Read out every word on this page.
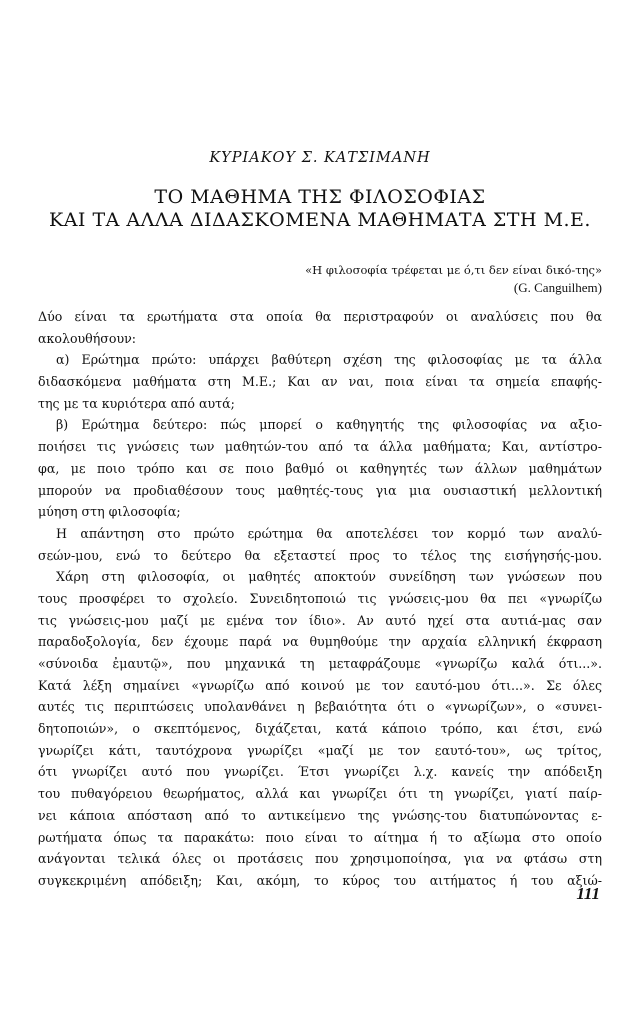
ΚΥΡΙΑΚΟΥ Σ. ΚΑΤΣΙΜΑΝΗ
ΤΟ ΜΑΘΗΜΑ ΤΗΣ ΦΙΛΟΣΟΦΙΑΣ
ΚΑΙ ΤΑ ΑΛΛΑ ΔΙΔΑΣΚΟΜΕΝΑ ΜΑΘΗΜΑΤΑ ΣΤΗ Μ.Ε.
«Η φιλοσοφία τρέφεται με ό,τι δεν είναι δικό-της»
(G. Canguilhem)
Δύο είναι τα ερωτήματα στα οποία θα περιστραφούν οι αναλύσεις που θα
ακολουθήσουν:
α) Ερώτημα πρώτο: υπάρχει βαθύτερη σχέση της φιλοσοφίας με τα άλλα
διδασκόμενα μαθήματα στη Μ.Ε.; Και αν ναι, ποια είναι τα σημεία επαφής-
της με τα κυριότερα από αυτά;
β) Ερώτημα δεύτερο: πώς μπορεί ο καθηγητής της φιλοσοφίας να αξιο-
ποιήσει τις γνώσεις των μαθητών-του από τα άλλα μαθήματα; Και, αντίστρο-
φα, με ποιο τρόπο και σε ποιο βαθμό οι καθηγητές των άλλων μαθημάτων
μπορούν να προδιαθέσουν τους μαθητές-τους για μια ουσιαστική μελλοντική
μύηση στη φιλοσοφία;
Η απάντηση στο πρώτο ερώτημα θα αποτελέσει τον κορμό των αναλύ-
σεών-μου, ενώ το δεύτερο θα εξεταστεί προς το τέλος της εισήγησής-μου.
Χάρη στη φιλοσοφία, οι μαθητές αποκτούν συνείδηση των γνώσεων που
τους προσφέρει το σχολείο. Συνειδητοποιώ τις γνώσεις-μου θα πει «γνωρίζω
τις γνώσεις-μου μαζί με εμένα τον ίδιο». Αν αυτό ηχεί στα αυτιά-μας σαν
παραδοξολογία, δεν έχουμε παρά να θυμηθούμε την αρχαία ελληνική έκφραση
«σύνοιδα ἐμαυτῷ», που μηχανικά τη μεταφράζουμε «γνωρίζω καλά ότι...».
Κατά λέξη σημαίνει «γνωρίζω από κοινού με τον εαυτό-μου ότι...». Σε όλες
αυτές τις περιπτώσεις υπολανθάνει η βεβαιότητα ότι ο «γνωρίζων», ο «συνει-
δητοποιών», ο σκεπτόμενος, διχάζεται, κατά κάποιο τρόπο, και έτσι, ενώ
γνωρίζει κάτι, ταυτόχρονα γνωρίζει «μαζί με τον εαυτό-του», ως τρίτος,
ότι γνωρίζει αυτό που γνωρίζει. Έτσι γνωρίζει λ.χ. κανείς την απόδειξη
του πυθαγόρειου θεωρήματος, αλλά και γνωρίζει ότι τη γνωρίζει, γιατί παίρ-
νει κάποια απόσταση από το αντικείμενο της γνώσης-του διατυπώνοντας ε-
ρωτήματα όπως τα παρακάτω: ποιο είναι το αίτημα ή το αξίωμα στο οποίο
ανάγονται τελικά όλες οι προτάσεις που χρησιμοποίησα, για να φτάσω στη
συγκεκριμένη απόδειξη; Και, ακόμη, το κύρος του αιτήματος ή του αξιώ-
111
